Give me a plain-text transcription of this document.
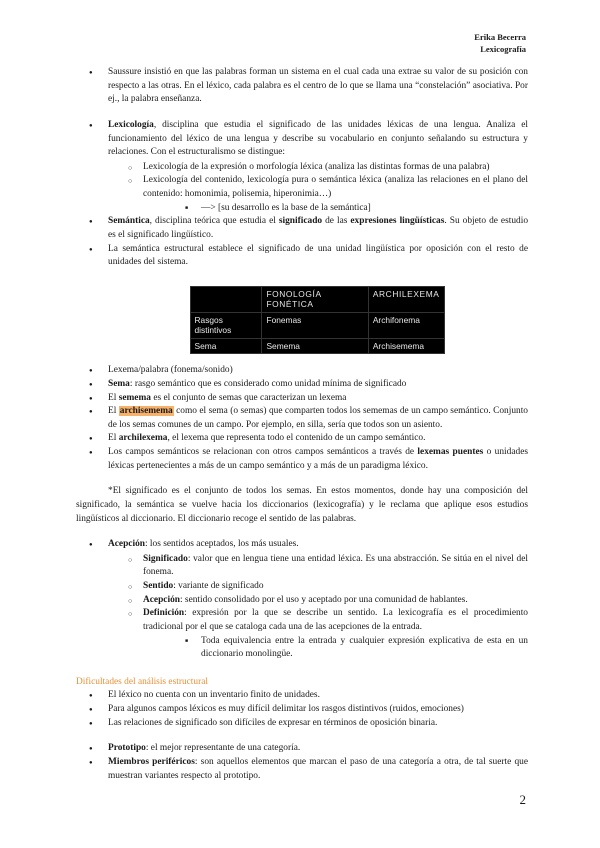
Erika Becerra
Lexicografía
● Saussure insistió en que las palabras forman un sistema en el cual cada una extrae su valor de su posición con respecto a las otras. En el léxico, cada palabra es el centro de lo que se llama una “constelación” asociativa. Por ej., la palabra enseñanza.
● Lexicología, disciplina que estudia el significado de las unidades léxicas de una lengua. Analiza el funcionamiento del léxico de una lengua y describe su vocabulario en conjunto señalando su estructura y relaciones. Con el estructuralismo se distingue:
○ Lexicología de la expresión o morfología léxica (analiza las distintas formas de una palabra)
○ Lexicología del contenido, lexicología pura o semántica léxica (analiza las relaciones en el plano del contenido: homonimia, polisemia, hiperonimia…)
■ —> [su desarrollo es la base de la semántica]
● Semántica, disciplina teórica que estudia el significado de las expresiones lingüísticas. Su objeto de estudio es el significado lingüístico.
● La semántica estructural establece el significado de una unidad lingüística por oposición con el resto de unidades del sistema.
	FONOLOGÍA FONÉTICA	ARCHILEXEMA
Rasgos distintivos	Fonemas	Archifonema
Sema	Semema	Archisemema
● Lexema/palabra (fonema/sonido)
● Sema: rasgo semántico que es considerado como unidad mínima de significado
● El semema es el conjunto de semas que caracterizan un lexema
● El archisemema como el sema (o semas) que comparten todos los sememas de un campo semántico. Conjunto de los semas comunes de un campo. Por ejemplo, en silla, sería que todos son un asiento.
● El archilexema, el lexema que representa todo el contenido de un campo semántico.
● Los campos semánticos se relacionan con otros campos semánticos a través de lexemas puentes o unidades léxicas pertenecientes a más de un campo semántico y a más de un paradigma léxico.

*El significado es el conjunto de todos los semas. En estos momentos, donde hay una composición del significado, la semántica se vuelve hacia los diccionarios (lexicografía) y le reclama que aplique esos estudios lingüísticos al diccionario. El diccionario recoge el sentido de las palabras.

● Acepción: los sentidos aceptados, los más usuales.
○ Significado: valor que en lengua tiene una entidad léxica. Es una abstracción. Se sitúa en el nivel del fonema.
○ Sentido: variante de significado
○ Acepción: sentido consolidado por el uso y aceptado por una comunidad de hablantes.
○ Definición: expresión por la que se describe un sentido. La lexicografía es el procedimiento tradicional por el que se cataloga cada una de las acepciones de la entrada.
■ Toda equivalencia entre la entrada y cualquier expresión explicativa de esta en un diccionario monolingüe.
Dificultades del análisis estructural
● El léxico no cuenta con un inventario finito de unidades.
● Para algunos campos léxicos es muy difícil delimitar los rasgos distintivos (ruidos, emociones)
● Las relaciones de significado son difíciles de expresar en términos de oposición binaria.
● Prototipo: el mejor representante de una categoría.
● Miembros periféricos: son aquellos elementos que marcan el paso de una categoría a otra, de tal suerte que muestran variantes respecto al prototipo.
2
